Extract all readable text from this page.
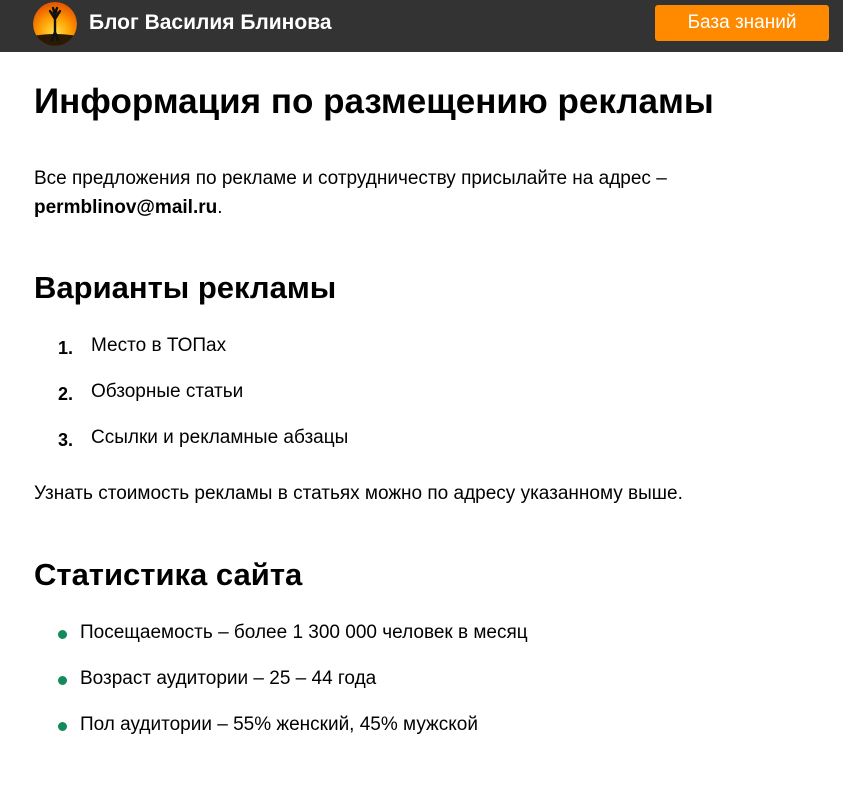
Блог Василия Блинова	База знаний
Информация по размещению рекламы

Все предложения по рекламе и сотрудничеству присылайте на адрес –
permblinov@mail.ru.

Варианты рекламы
1. Место в ТОПах
2. Обзорные статьи
3. Ссылки и рекламные абзацы

Узнать стоимость рекламы в статьях можно по адресу указанному выше.

Статистика сайта
Посещаемость – более 1 300 000 человек в месяц
Возраст аудитории – 25 – 44 года
Пол аудитории – 55% женский, 45% мужской
